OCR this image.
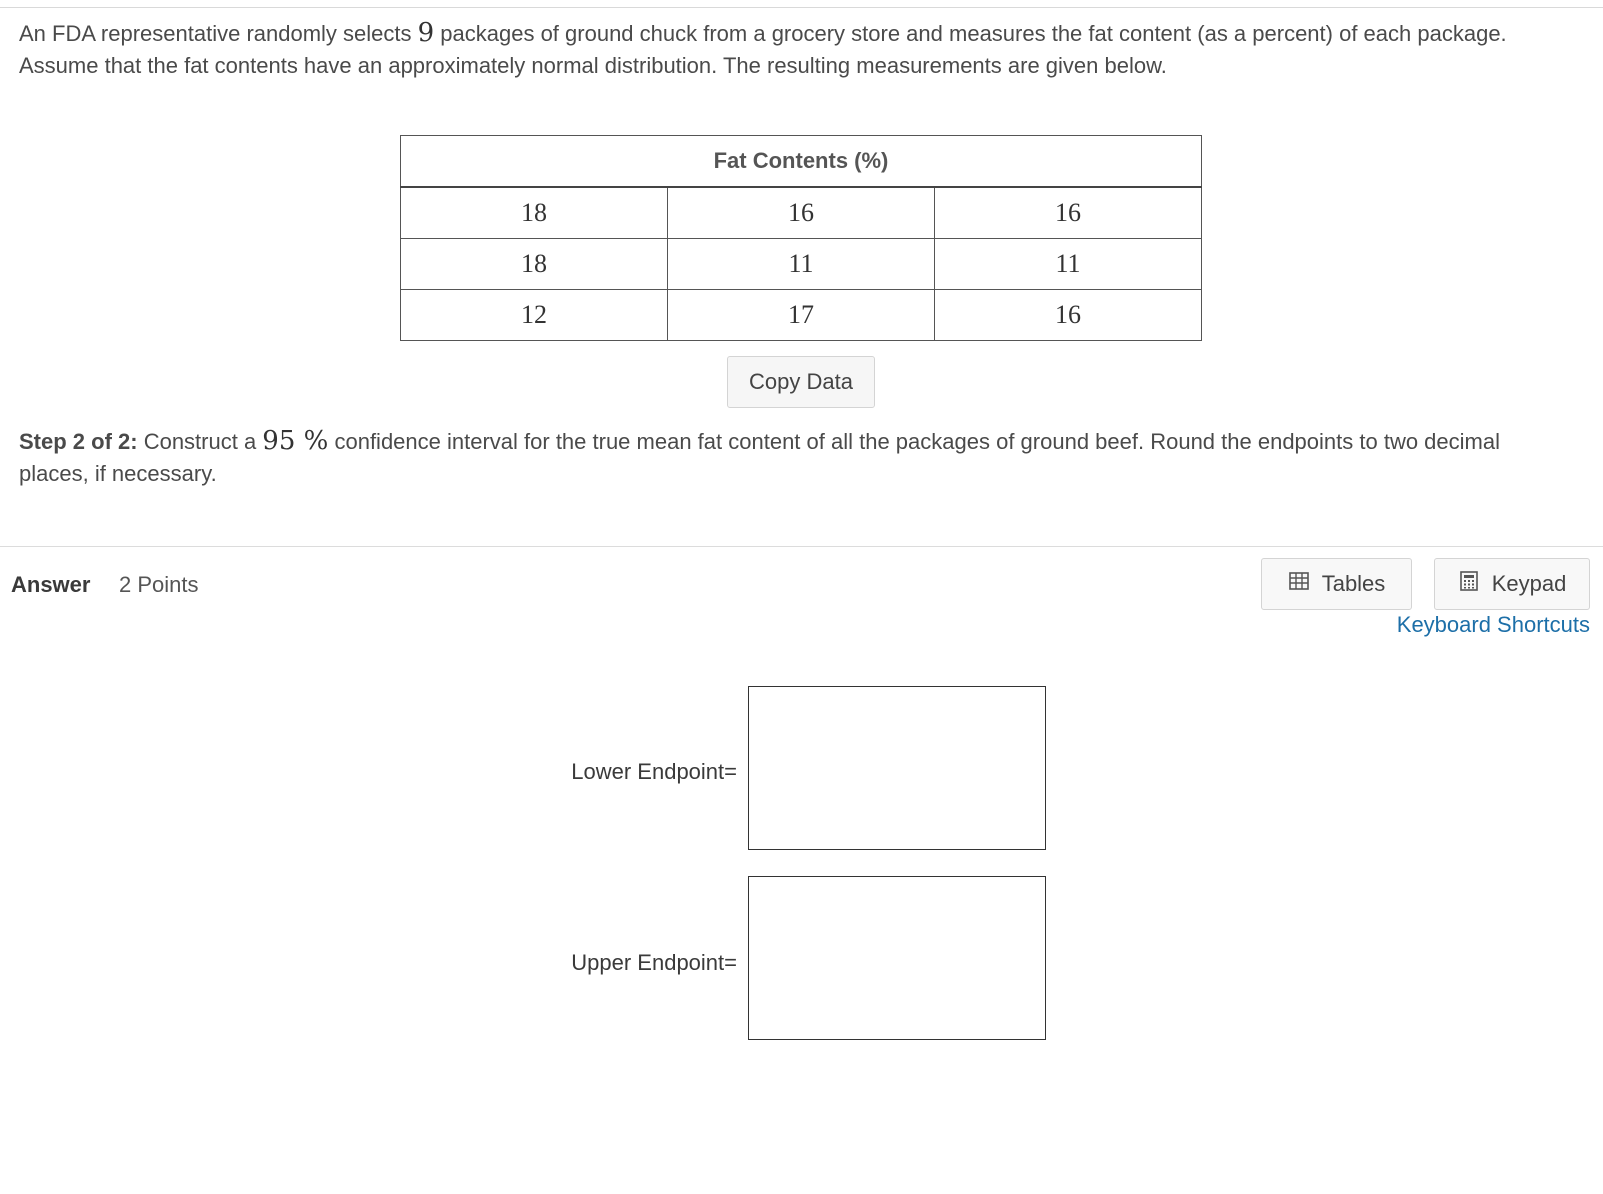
An FDA representative randomly selects 9 packages of ground chuck from a grocery store and measures the fat content (as a percent) of each package. Assume that the fat contents have an approximately normal distribution. The resulting measurements are given below.
Fat Contents (%)		
18	16	16
18	11	11
12	17	16
Copy Data
Step 2 of 2: Construct a 95 % confidence interval for the true mean fat content of all the packages of ground beef. Round the endpoints to two decimal places, if necessary.
Answer 2 Points	Tables	Keypad
Keyboard Shortcuts
Lower Endpoint=
Upper Endpoint=
